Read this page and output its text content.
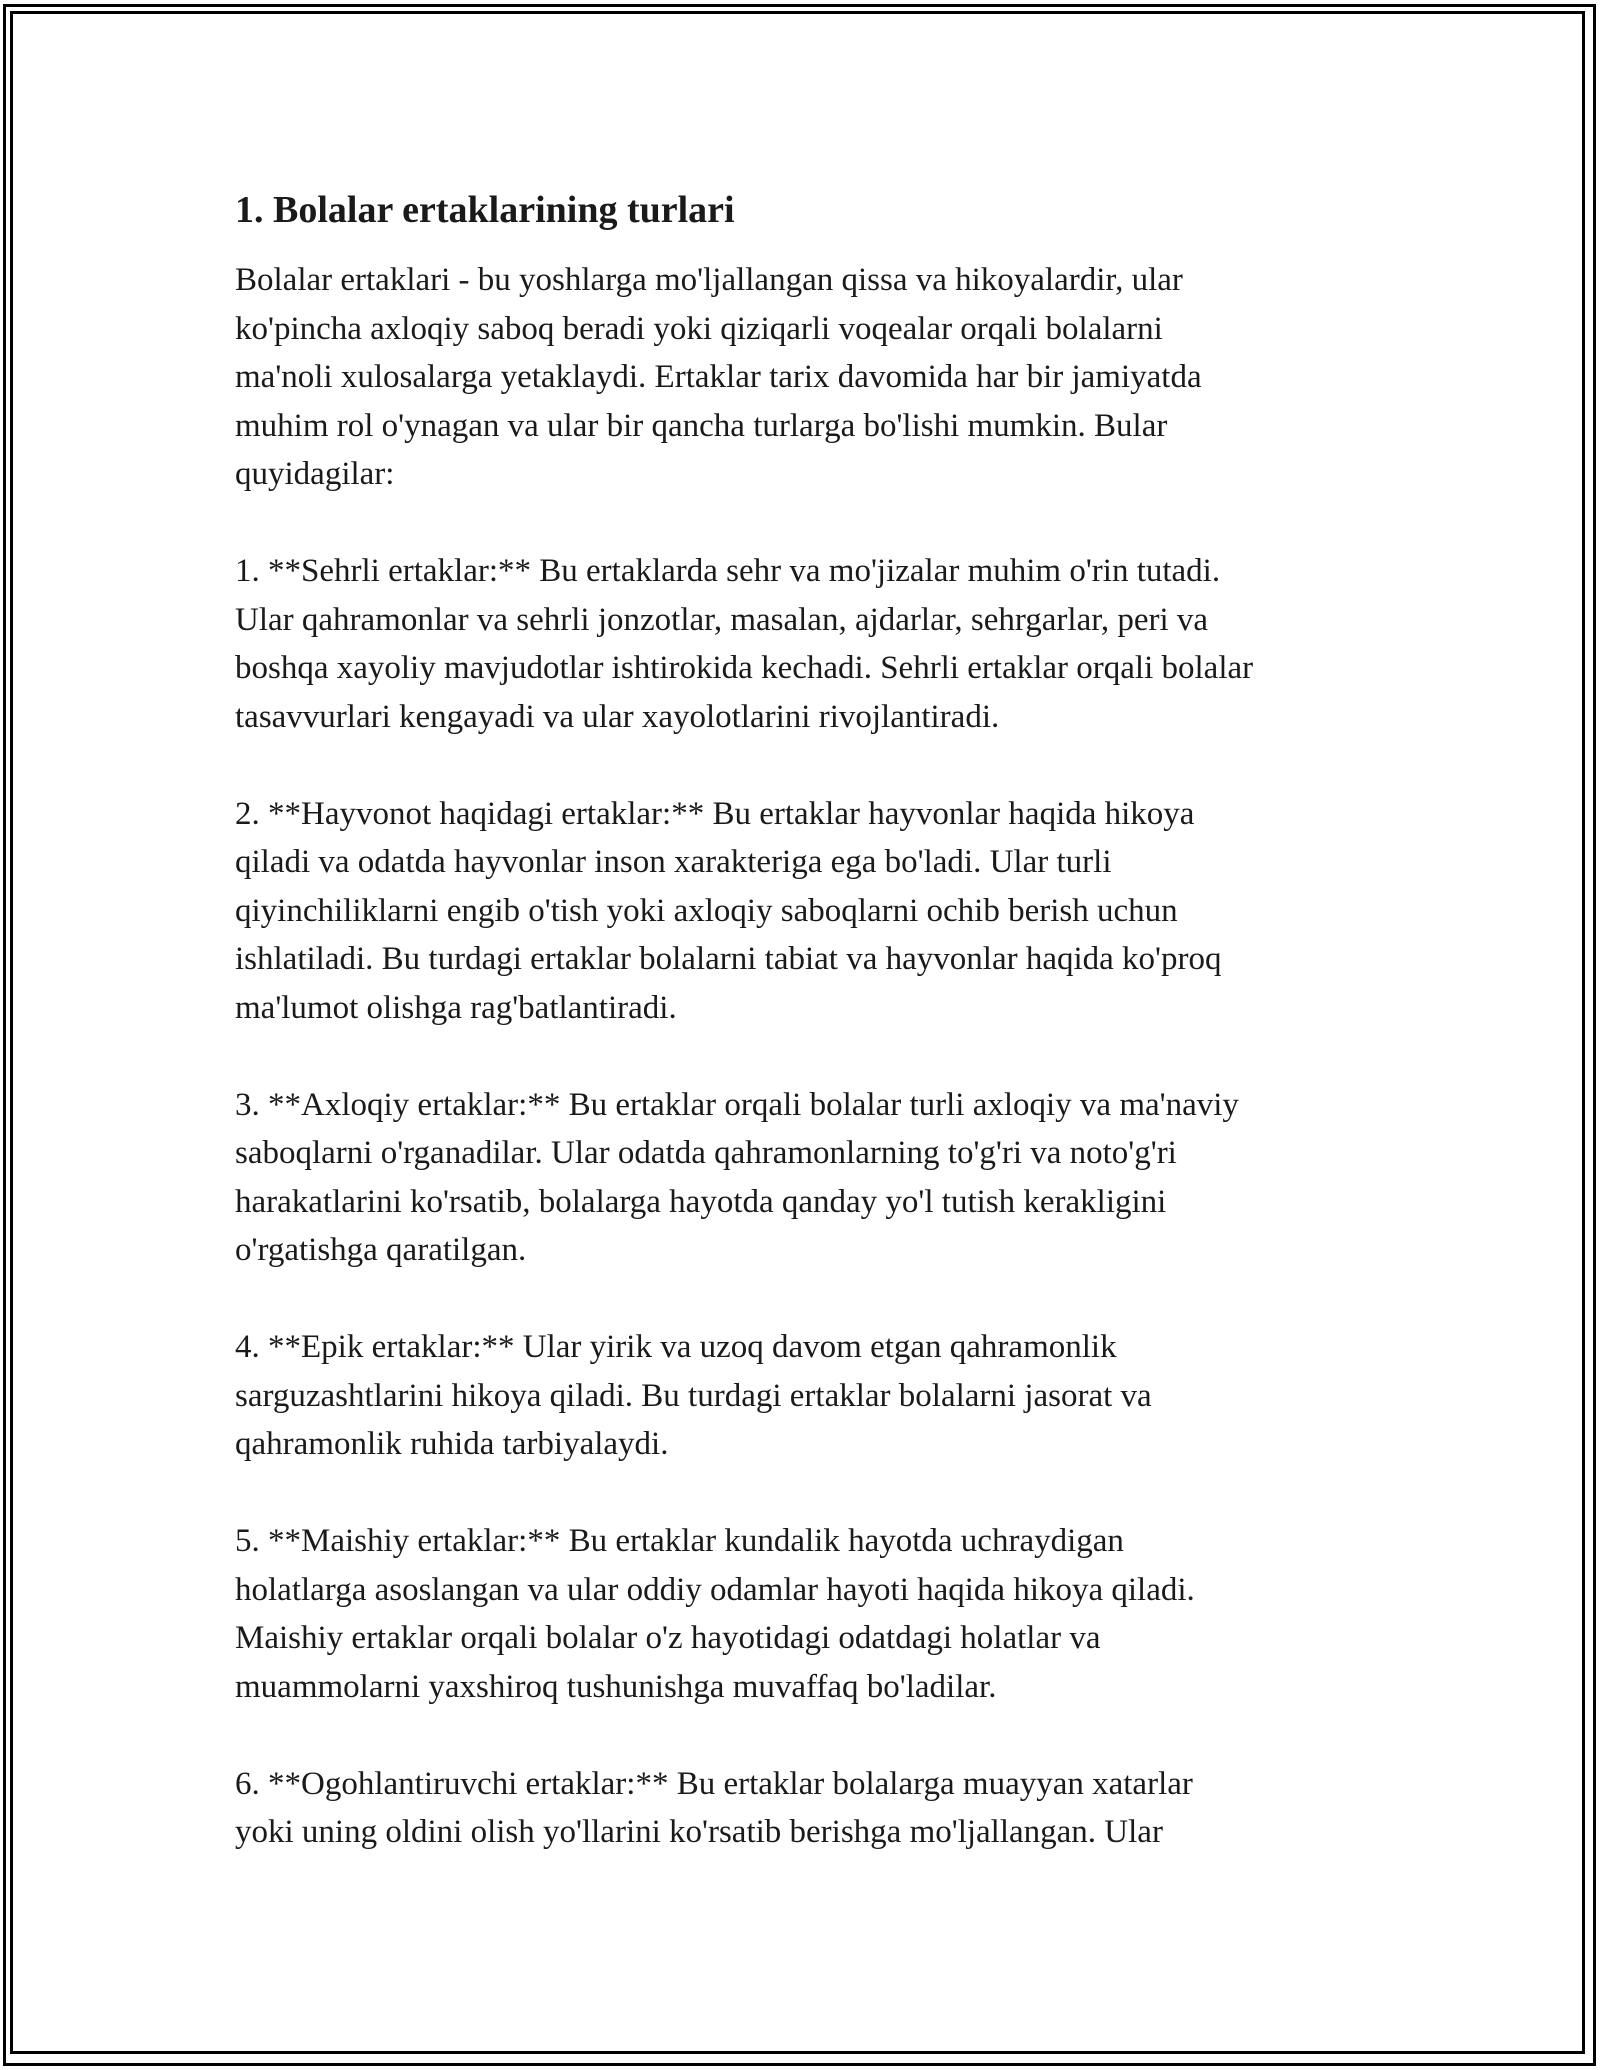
1. Bolalar ertaklarining turlari

Bolalar ertaklari - bu yoshlarga mo'ljallangan qissa va hikoyalardir, ular
ko'pincha axloqiy saboq beradi yoki qiziqarli voqealar orqali bolalarni
ma'noli xulosalarga yetaklaydi. Ertaklar tarix davomida har bir jamiyatda
muhim rol o'ynagan va ular bir qancha turlarga bo'lishi mumkin. Bular
quyidagilar:

1. **Sehrli ertaklar:** Bu ertaklarda sehr va mo'jizalar muhim o'rin tutadi.
Ular qahramonlar va sehrli jonzotlar, masalan, ajdarlar, sehrgarlar, peri va
boshqa xayoliy mavjudotlar ishtirokida kechadi. Sehrli ertaklar orqali bolalar
tasavvurlari kengayadi va ular xayolotlarini rivojlantiradi.

2. **Hayvonot haqidagi ertaklar:** Bu ertaklar hayvonlar haqida hikoya
qiladi va odatda hayvonlar inson xarakteriga ega bo'ladi. Ular turli
qiyinchiliklarni engib o'tish yoki axloqiy saboqlarni ochib berish uchun
ishlatiladi. Bu turdagi ertaklar bolalarni tabiat va hayvonlar haqida ko'proq
ma'lumot olishga rag'batlantiradi.

3. **Axloqiy ertaklar:** Bu ertaklar orqali bolalar turli axloqiy va ma'naviy
saboqlarni o'rganadilar. Ular odatda qahramonlarning to'g'ri va noto'g'ri
harakatlarini ko'rsatib, bolalarga hayotda qanday yo'l tutish kerakligini
o'rgatishga qaratilgan.

4. **Epik ertaklar:** Ular yirik va uzoq davom etgan qahramonlik
sarguzashtlarini hikoya qiladi. Bu turdagi ertaklar bolalarni jasorat va
qahramonlik ruhida tarbiyalaydi.

5. **Maishiy ertaklar:** Bu ertaklar kundalik hayotda uchraydigan
holatlarga asoslangan va ular oddiy odamlar hayoti haqida hikoya qiladi.
Maishiy ertaklar orqali bolalar o'z hayotidagi odatdagi holatlar va
muammolarni yaxshiroq tushunishga muvaffaq bo'ladilar.

6. **Ogohlantiruvchi ertaklar:** Bu ertaklar bolalarga muayyan xatarlar
yoki uning oldini olish yo'llarini ko'rsatib berishga mo'ljallangan. Ular
